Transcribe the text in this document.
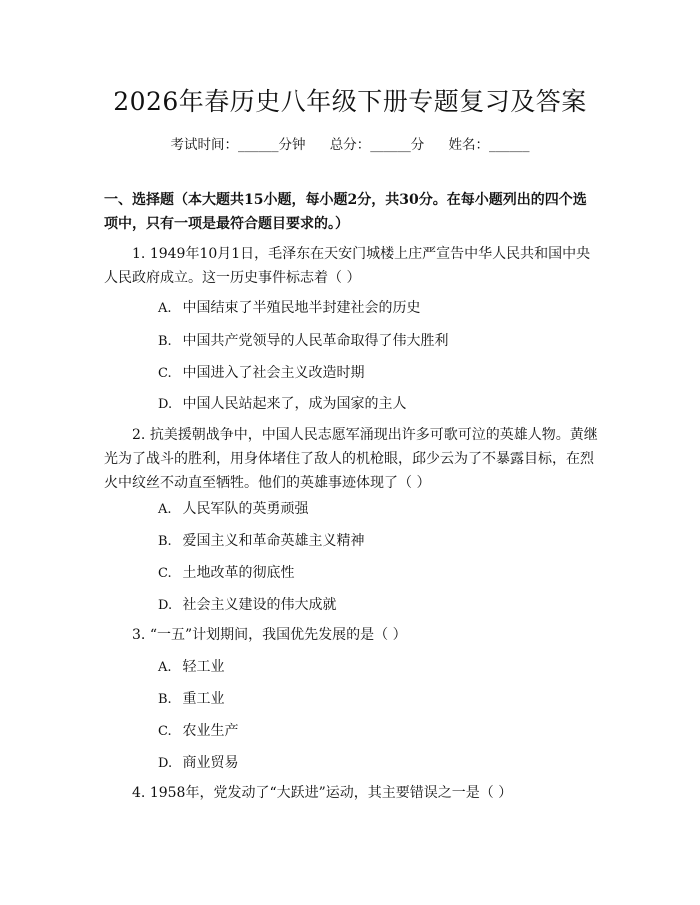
2026年春历史八年级下册专题复习及答案
考试时间：______分钟 总分：______分 姓名：______
一、选择题（本大题共15小题，每小题2分，共30分。在每小题列出的四个选项中，只有一项是最符合题目要求的。）
1. 1949年10月1日，毛泽东在天安门城楼上庄严宣告中华人民共和国中央人民政府成立。这一历史事件标志着（ ）
A. 中国结束了半殖民地半封建社会的历史
B. 中国共产党领导的人民革命取得了伟大胜利
C. 中国进入了社会主义改造时期
D. 中国人民站起来了，成为国家的主人
2. 抗美援朝战争中，中国人民志愿军涌现出许多可歌可泣的英雄人物。黄继光为了战斗的胜利，用身体堵住了敌人的机枪眼，邱少云为了不暴露目标，在烈火中纹丝不动直至牺牲。他们的英雄事迹体现了（ ）
A. 人民军队的英勇顽强
B. 爱国主义和革命英雄主义精神
C. 土地改革的彻底性
D. 社会主义建设的伟大成就
3. “一五”计划期间，我国优先发展的是（ ）
A. 轻工业
B. 重工业
C. 农业生产
D. 商业贸易
4. 1958年，党发动了“大跃进”运动，其主要错误之一是（ ）
